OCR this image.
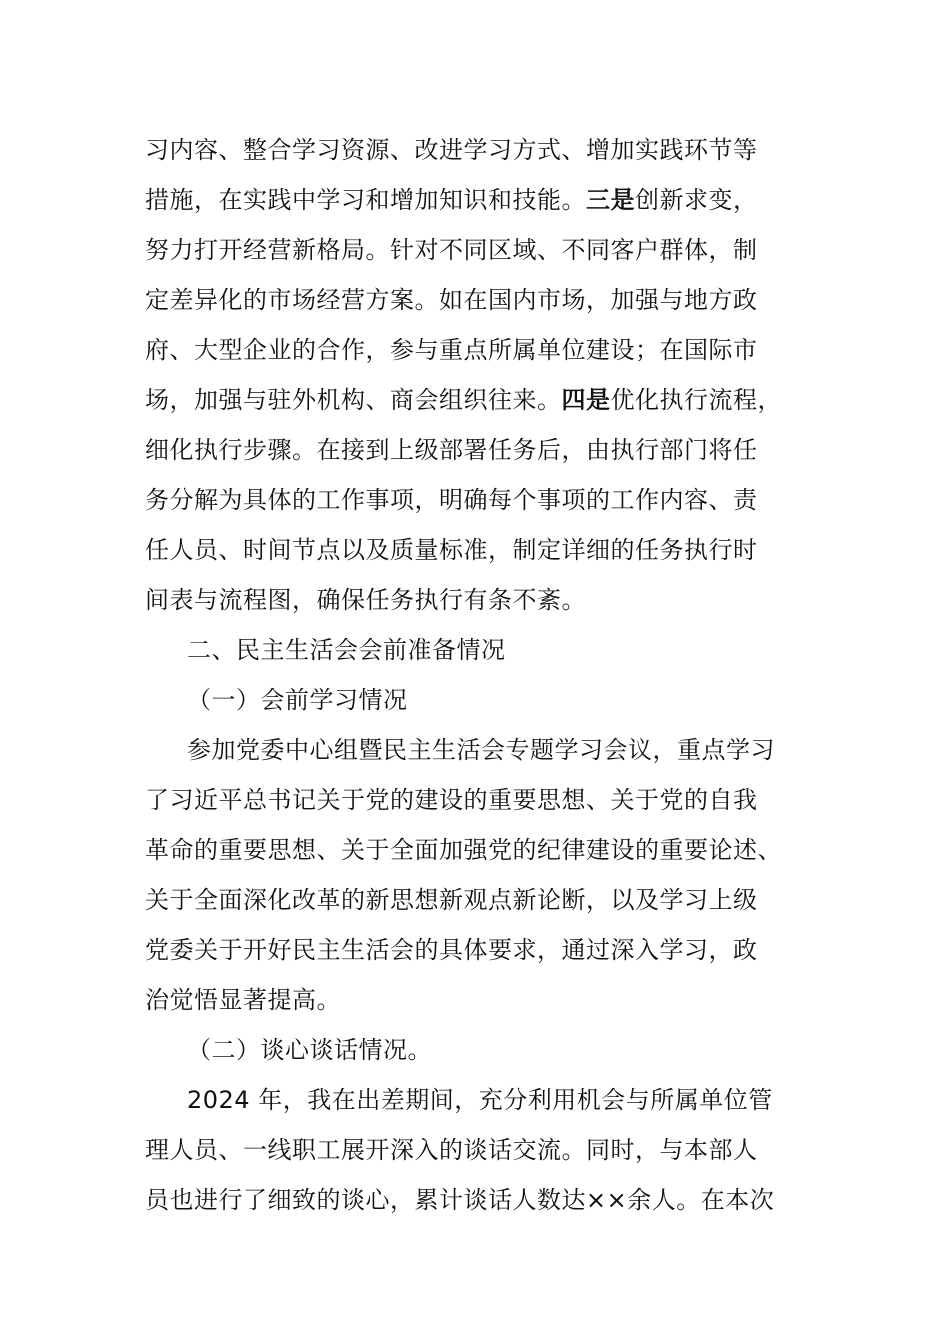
习内容、整合学习资源、改进学习方式、增加实践环节等
措施，在实践中学习和增加知识和技能。三是创新求变，
努力打开经营新格局。针对不同区域、不同客户群体，制
定差异化的市场经营方案。如在国内市场，加强与地方政
府、大型企业的合作，参与重点所属单位建设；在国际市
场，加强与驻外机构、商会组织往来。四是优化执行流程，
细化执行步骤。在接到上级部署任务后，由执行部门将任
务分解为具体的工作事项，明确每个事项的工作内容、责
任人员、时间节点以及质量标准，制定详细的任务执行时
间表与流程图，确保任务执行有条不紊。
二、民主生活会会前准备情况
（一）会前学习情况
参加党委中心组暨民主生活会专题学习会议，重点学习
了习近平总书记关于党的建设的重要思想、关于党的自我
革命的重要思想、关于全面加强党的纪律建设的重要论述、
关于全面深化改革的新思想新观点新论断，以及学习上级
党委关于开好民主生活会的具体要求，通过深入学习，政
治觉悟显著提高。
（二）谈心谈话情况。
2024 年，我在出差期间，充分利用机会与所属单位管
理人员、一线职工展开深入的谈话交流。同时，与本部人
员也进行了细致的谈心，累计谈话人数达××余人。在本次
